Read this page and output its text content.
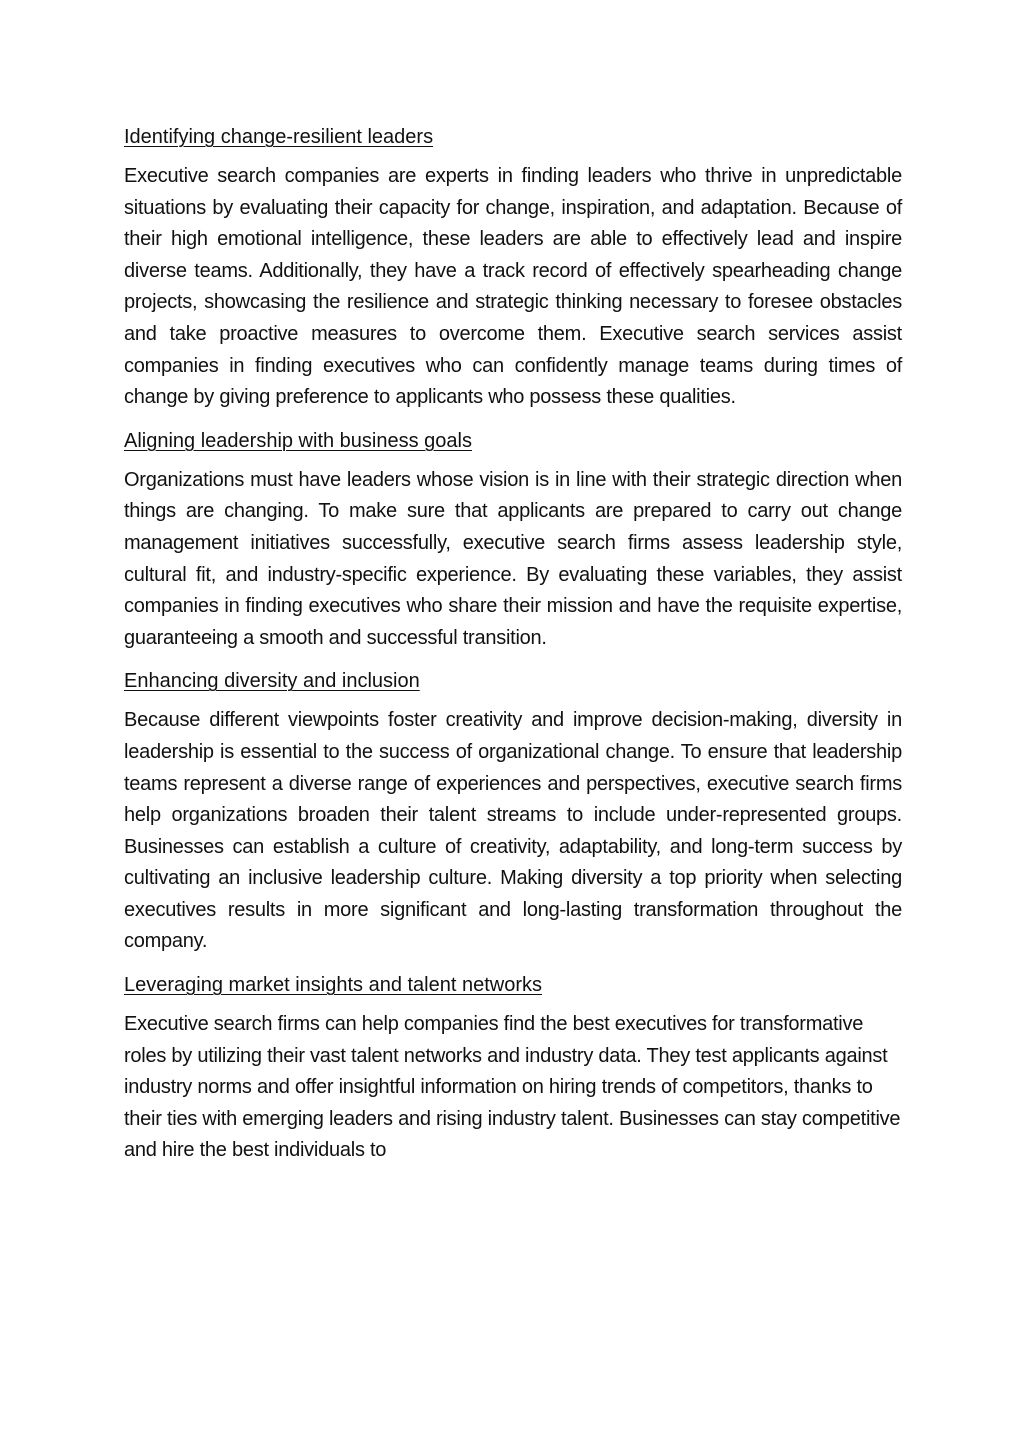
Identifying change-resilient leaders

Executive search companies are experts in finding leaders who thrive in unpredictable situations by evaluating their capacity for change, inspiration, and adaptation. Because of their high emotional intelligence, these leaders are able to effectively lead and inspire diverse teams. Additionally, they have a track record of effectively spearheading change projects, showcasing the resilience and strategic thinking necessary to foresee obstacles and take proactive measures to overcome them. Executive search services assist companies in finding executives who can confidently manage teams during times of change by giving preference to applicants who possess these qualities.

Aligning leadership with business goals

Organizations must have leaders whose vision is in line with their strategic direction when things are changing. To make sure that applicants are prepared to carry out change management initiatives successfully, executive search firms assess leadership style, cultural fit, and industry-specific experience. By evaluating these variables, they assist companies in finding executives who share their mission and have the requisite expertise, guaranteeing a smooth and successful transition.

Enhancing diversity and inclusion

Because different viewpoints foster creativity and improve decision-making, diversity in leadership is essential to the success of organizational change. To ensure that leadership teams represent a diverse range of experiences and perspectives, executive search firms help organizations broaden their talent streams to include under-represented groups. Businesses can establish a culture of creativity, adaptability, and long-term success by cultivating an inclusive leadership culture. Making diversity a top priority when selecting executives results in more significant and long-lasting transformation throughout the company.

Leveraging market insights and talent networks

Executive search firms can help companies find the best executives for transformative roles by utilizing their vast talent networks and industry data. They test applicants against industry norms and offer insightful information on hiring trends of competitors, thanks to their ties with emerging leaders and rising industry talent. Businesses can stay competitive and hire the best individuals to
